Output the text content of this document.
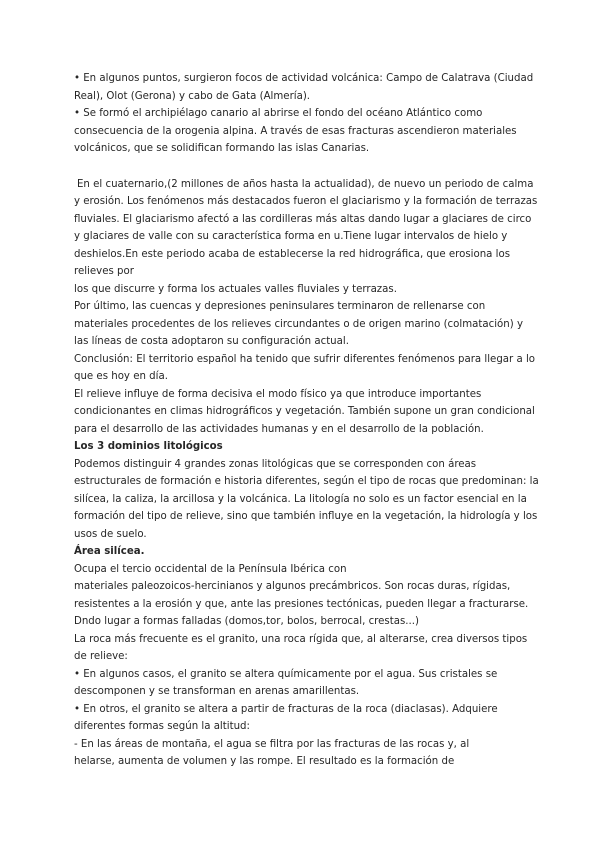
• En algunos puntos, surgieron focos de actividad volcánica: Campo de Calatrava (Ciudad Real), Olot (Gerona) y cabo de Gata (Almería).

• Se formó el archipiélago canario al abrirse el fondo del océano Atlántico como consecuencia de la orogenia alpina. A través de esas fracturas ascendieron materiales volcánicos, que se solidifican formando las islas Canarias.

En el cuaternario,(2 millones de años hasta la actualidad), de nuevo un periodo de calma y erosión. Los fenómenos más destacados fueron el glaciarismo y la formación de terrazas fluviales. El glaciarismo afectó a las cordilleras más altas dando lugar a glaciares de circo y glaciares de valle con su característica forma en u.Tiene lugar intervalos de hielo y deshielos.En este periodo acaba de establecerse la red hidrográfica, que erosiona los relieves por

los que discurre y forma los actuales valles fluviales y terrazas.

Por último, las cuencas y depresiones peninsulares terminaron de rellenarse con materiales procedentes de los relieves circundantes o de origen marino (colmatación) y las líneas de costa adoptaron su configuración actual.

Conclusión: El territorio español ha tenido que sufrir diferentes fenómenos para llegar a lo que es hoy en día.

El relieve influye de forma decisiva el modo físico ya que introduce importantes condicionantes en climas hidrográficos y vegetación. También supone un gran condicional para el desarrollo de las actividades humanas y en el desarrollo de la población.

Los 3 dominios litológicos

Podemos distinguir 4 grandes zonas litológicas que se corresponden con áreas estructurales de formación e historia diferentes, según el tipo de rocas que predominan: la silícea, la caliza, la arcillosa y la volcánica. La litología no solo es un factor esencial en la formación del tipo de relieve, sino que también influye en la vegetación, la hidrología y los usos de suelo.

Área silícea.

Ocupa el tercio occidental de la Península Ibérica con

materiales paleozoicos-hercinianos y algunos precámbricos. Son rocas duras, rígidas, resistentes a la erosión y que, ante las presiones tectónicas, pueden llegar a fracturarse. Dndo lugar a formas falladas (domos,tor, bolos, berrocal, crestas...)

La roca más frecuente es el granito, una roca rígida que, al alterarse, crea diversos tipos de relieve:

• En algunos casos, el granito se altera químicamente por el agua. Sus cristales se descomponen y se transforman en arenas amarillentas.

• En otros, el granito se altera a partir de fracturas de la roca (diaclasas). Adquiere diferentes formas según la altitud:

- En las áreas de montaña, el agua se filtra por las fracturas de las rocas y, al

helarse, aumenta de volumen y las rompe. El resultado es la formación de
